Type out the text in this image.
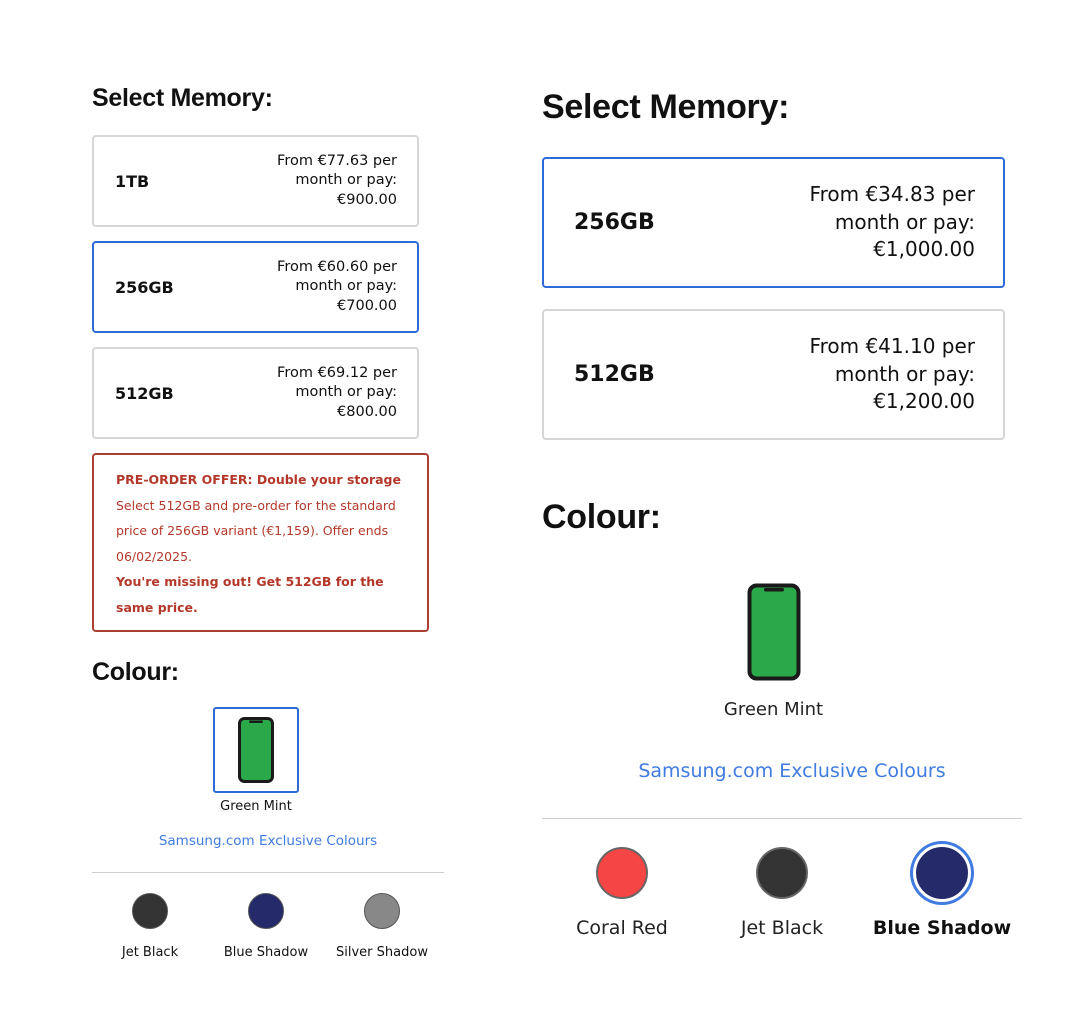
Select Memory:
1TB
From €77.63 per month or pay: €900.00
256GB
From €60.60 per month or pay: €700.00
512GB
From €69.12 per month or pay: €800.00
PRE-ORDER OFFER: Double your storage
Select 512GB and pre-order for the standard price of 256GB variant (€1,159). Offer ends 06/02/2025.
You're missing out! Get 512GB for the same price.
Colour:
Green Mint
Samsung.com Exclusive Colours
Jet Black	Blue Shadow Silver Shadow
Select Memory:
256GB
From €34.83 per month or pay: €1,000.00
512GB
From €41.10 per month or pay: €1,200.00
Colour:
Green Mint
Samsung.com Exclusive Colours
Coral Red	Jet Black	Blue Shadow
